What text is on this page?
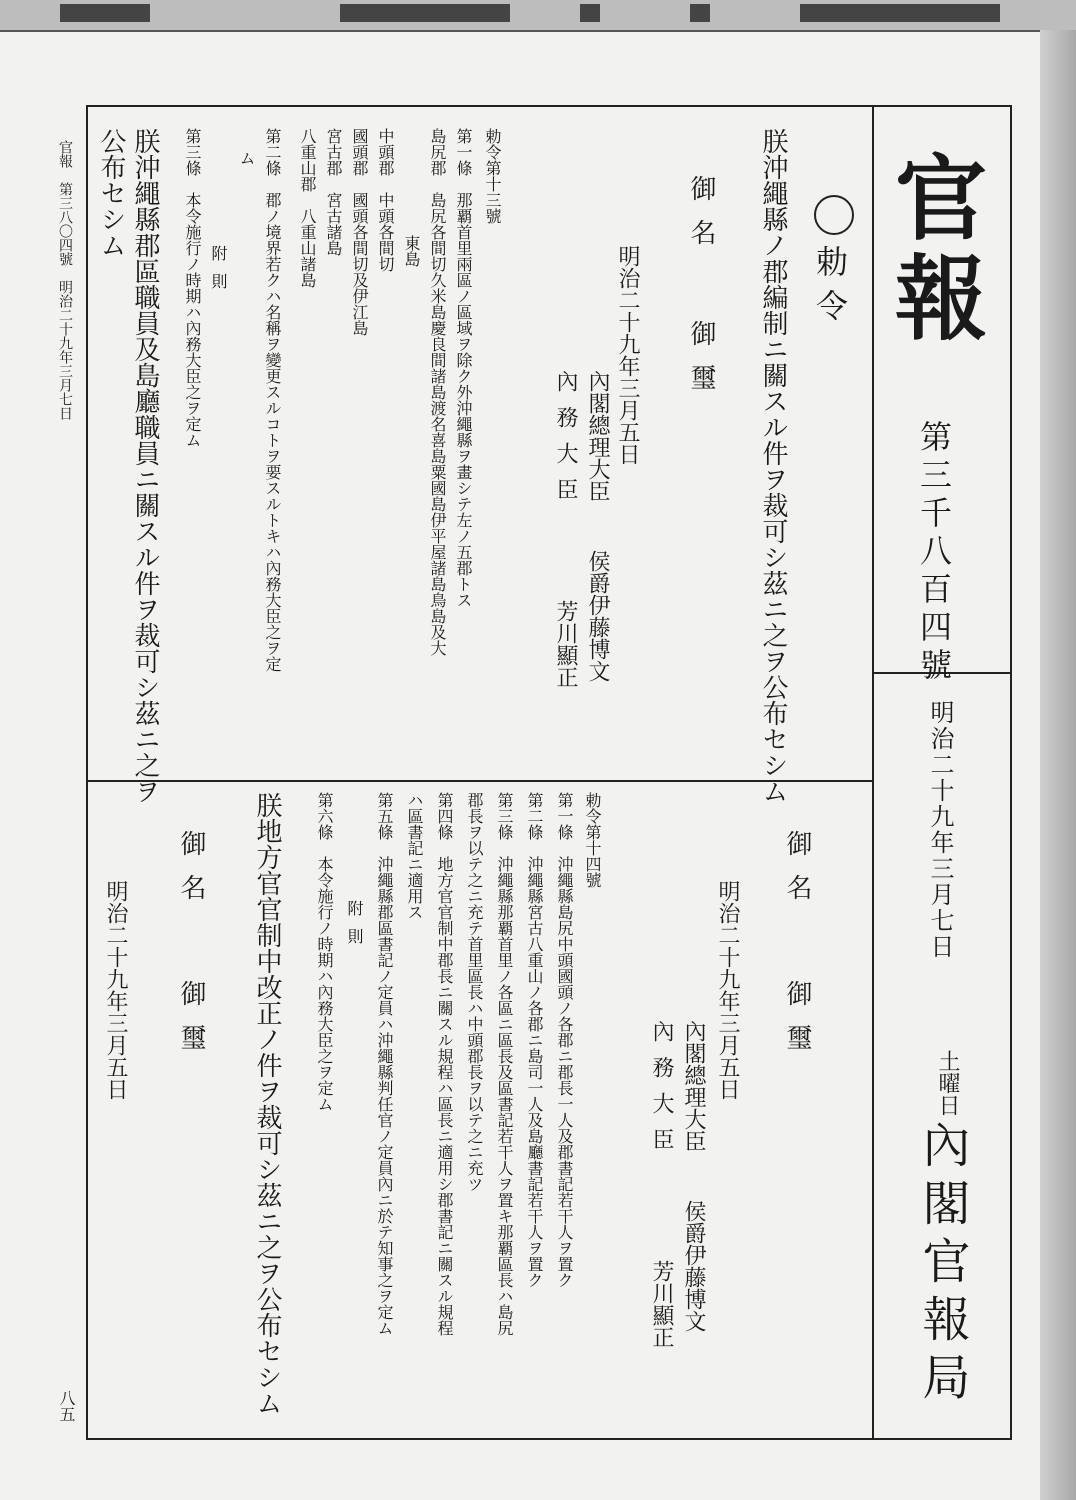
官報
第三千八百四號
明治二十九年三月七日
土曜日
內閣官報局
勅令
朕沖繩縣ノ郡編制ニ關スル件ヲ裁可シ茲ニ之ヲ公布セシム
御名
御璽
明治二十九年三月五日
內閣總理大臣
侯爵伊藤博文
內務大臣
芳川顯正
勅令第十三號
第一條　那覇首里兩區ノ區域ヲ除ク外沖繩縣ヲ畫シテ左ノ五郡トス
島尻郡　島尻各間切久米島慶良間諸島渡名喜島粟國島伊平屋諸島鳥島及大
東島
中頭郡　中頭各間切
國頭郡　國頭各間切及伊江島
宮古郡　宮古諸島
八重山郡　八重山諸島
第二條　郡ノ境界若クハ名稱ヲ變更スルコトヲ要スルトキハ內務大臣之ヲ定
ム
附則
第三條　本令施行ノ時期ハ內務大臣之ヲ定ム
朕沖繩縣郡區職員及島廳職員ニ關スル件ヲ裁可シ茲ニ之ヲ
公布セシム
御名
御璽
明治二十九年三月五日
內閣總理大臣
侯爵伊藤博文
內務大臣
芳川顯正
勅令第十四號
第一條　沖繩縣島尻中頭國頭ノ各郡ニ郡長一人及郡書記若干人ヲ置ク
第二條　沖繩縣宮古八重山ノ各郡ニ島司一人及島廳書記若干人ヲ置ク
第三條　沖繩縣那覇首里ノ各區ニ區長及區書記若干人ヲ置キ那覇區長ハ島尻
郡長ヲ以テ之ニ充テ首里區長ハ中頭郡長ヲ以テ之ニ充ツ
第四條　地方官官制中郡長ニ關スル規程ハ區長ニ適用シ郡書記ニ關スル規程
ハ區書記ニ適用ス
第五條　沖繩縣郡區書記ノ定員ハ沖繩縣判任官ノ定員內ニ於テ知事之ヲ定ム
附則
第六條　本令施行ノ時期ハ內務大臣之ヲ定ム
朕地方官官制中改正ノ件ヲ裁可シ茲ニ之ヲ公布セシム
御名
御璽
明治二十九年三月五日
官報　第三八〇四號　明治二十九年三月七日
八五
